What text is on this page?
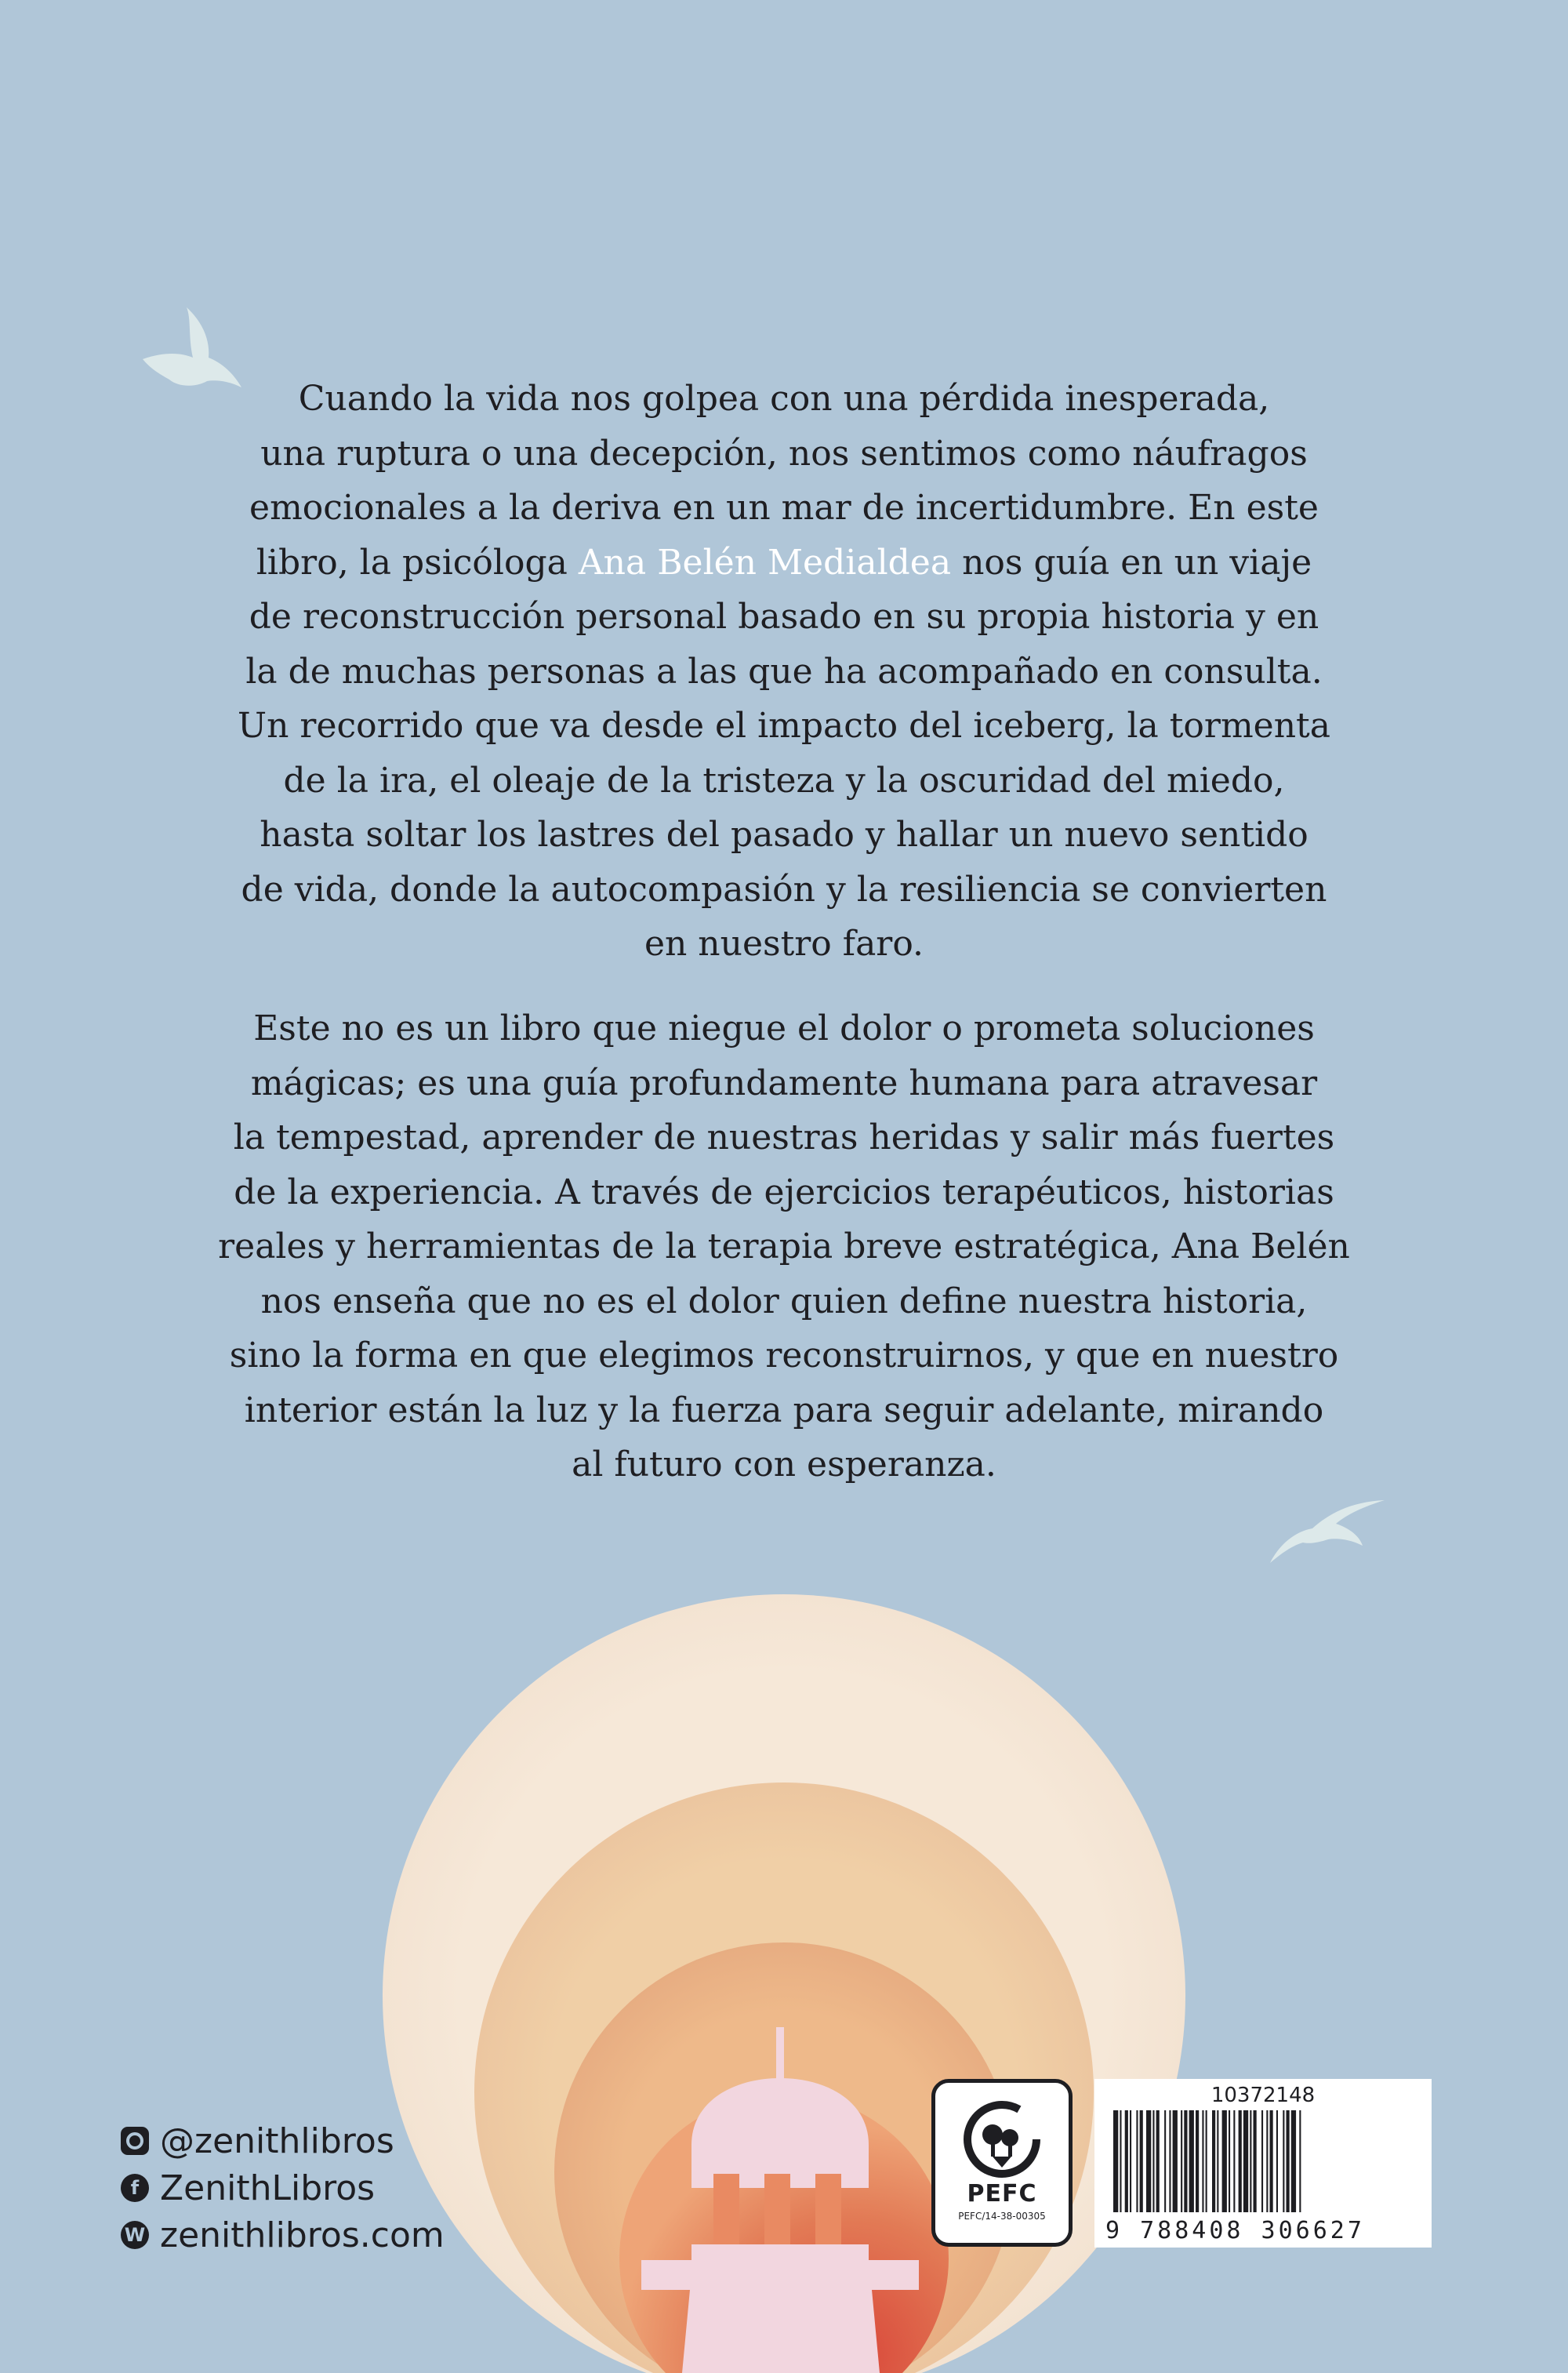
Cuando la vida nos golpea con una pérdida inesperada,
una ruptura o una decepción, nos sentimos como náufragos
emocionales a la deriva en un mar de incertidumbre. En este
libro, la psicóloga Ana Belén Medialdea nos guía en un viaje
de reconstrucción personal basado en su propia historia y en
la de muchas personas a las que ha acompañado en consulta.
Un recorrido que va desde el impacto del iceberg, la tormenta
de la ira, el oleaje de la tristeza y la oscuridad del miedo,
hasta soltar los lastres del pasado y hallar un nuevo sentido
de vida, donde la autocompasión y la resiliencia se convierten
en nuestro faro.
Este no es un libro que niegue el dolor o prometa soluciones
mágicas; es una guía profundamente humana para atravesar
la tempestad, aprender de nuestras heridas y salir más fuertes
de la experiencia. A través de ejercicios terapéuticos, historias
reales y herramientas de la terapia breve estratégica, Ana Belén
nos enseña que no es el dolor quien define nuestra historia,
sino la forma en que elegimos reconstruirnos, y que en nuestro
interior están la luz y la fuerza para seguir adelante, mirando
al futuro con esperanza.
@zenithlibros
f ZenithLibros
W zenithlibros.com
PEFC
PEFC/14-38-00305
10372148
9 788408 306627
